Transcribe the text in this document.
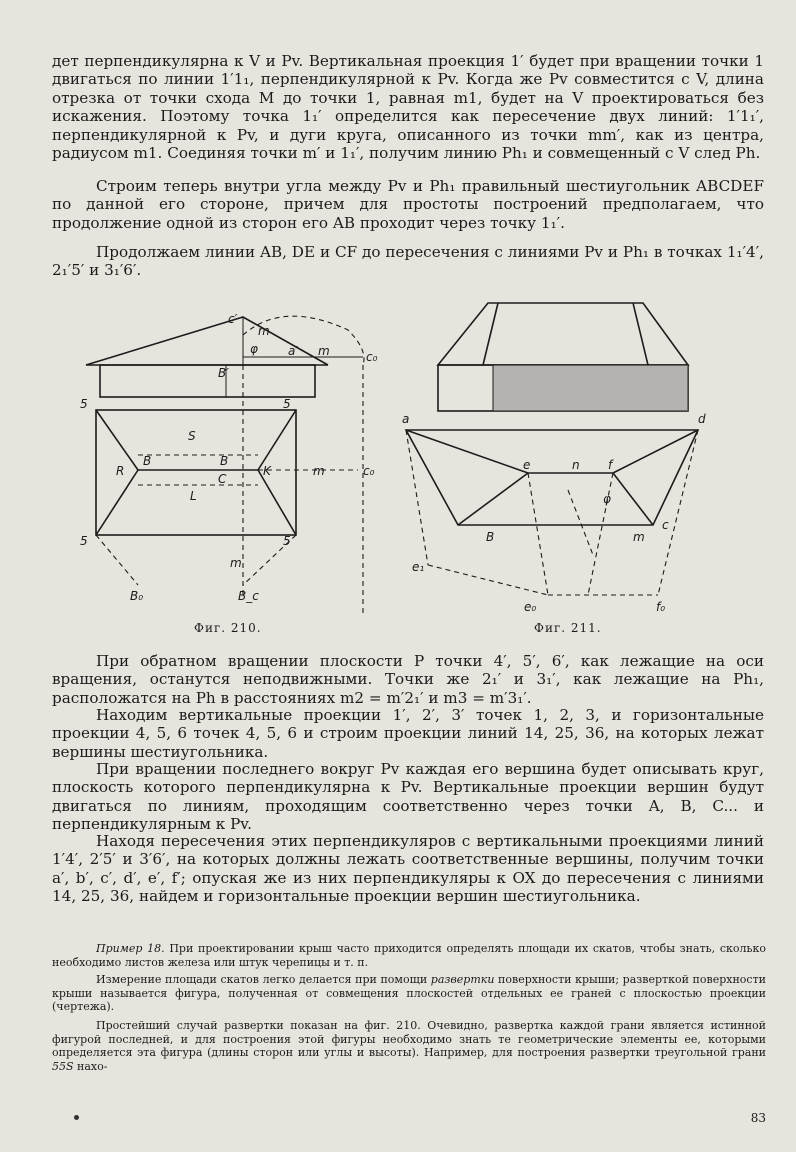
дет перпендикулярна к V и Pv. Вертикальная проекция 1′ будет при вращении точки 1 двигаться по линии 1′1₁, перпендикулярной к Pv. Когда же Pv совместится с V, длина отрезка от точки схода M до точки 1, равная m1, будет на V проектироваться без искажения. Поэтому точка 1₁′ определится как пересечение двух линий: 1′1₁′, перпендикулярной к Pv, и дуги круга, описанного из точки mm′, как из центра, радиусом m1. Соединяя точки m′ и 1₁′, получим линию Ph₁ и совмещенный с V след Ph.

Строим теперь внутри угла между Pv и Ph₁ правильный шестиугольник ABCDEF по данной его стороне, причем для простоты построений предполагаем, что продолжение одной из сторон его AB проходит через точку 1₁′.

Продолжаем линии AB, DE и CF до пересечения с линиями Pv и Ph₁ в точках 1₁′4′, 2₁′5′ и 3₁′6′.

c′
m
φ	a′ m	c₀
B′
5	5
S
R
B	B
C
K	m	c₀
L
5	5
m
B₀	B_c
Фиг. 210.
a	d
e	n f
φ
B	m
c
e₁
e₀	f₀
Фиг. 211.

При обратном вращении плоскости P точки 4′, 5′, 6′, как лежащие на оси вращения, останутся неподвижными. Точки же 2₁′ и 3₁′, как лежащие на Ph₁, расположатся на Ph в расстояниях m2 = m′2₁′ и m3 = m′3₁′.

Находим вертикальные проекции 1′, 2′, 3′ точек 1, 2, 3, и горизонтальные проекции 4, 5, 6 точек 4, 5, 6 и строим проекции линий 14, 25, 36, на которых лежат вершины шестиугольника.

При вращении последнего вокруг Pv каждая его вершина будет описывать круг, плоскость которого перпендикулярна к Pv. Вертикальные проекции вершин будут двигаться по линиям, проходящим соответственно через точки A, B, C... и перпендикулярным к Pv.

Находя пересечения этих перпендикуляров с вертикальными проекциями линий 1′4′, 2′5′ и 3′6′, на которых должны лежать соответственные вершины, получим точки a′, b′, c′, d′, e′, f′; опуская же из них перпендикуляры к OX до пересечения с линиями 14, 25, 36, найдем и горизонтальные проекции вершин шестиугольника.

Пример 18. При проектировании крыш часто приходится определять площади их скатов, чтобы знать, сколько необходимо листов железа или штук черепицы и т. п.

Измерение площади скатов легко делается при помощи развертки поверхности крыши; разверткой поверхности крыши называется фигура, полученная от совмещения плоскостей отдельных ее граней с плоскостью проекции (чертежа).

Простейший случай развертки показан на фиг. 210. Очевидно, развертка каждой грани является истинной фигурой последней, и для построения этой фигуры необходимо знать те геометрические элементы ее, которыми определяется эта фигура (длины сторон или углы и высоты). Например, для построения развертки треугольной грани 55S нахо-

83
